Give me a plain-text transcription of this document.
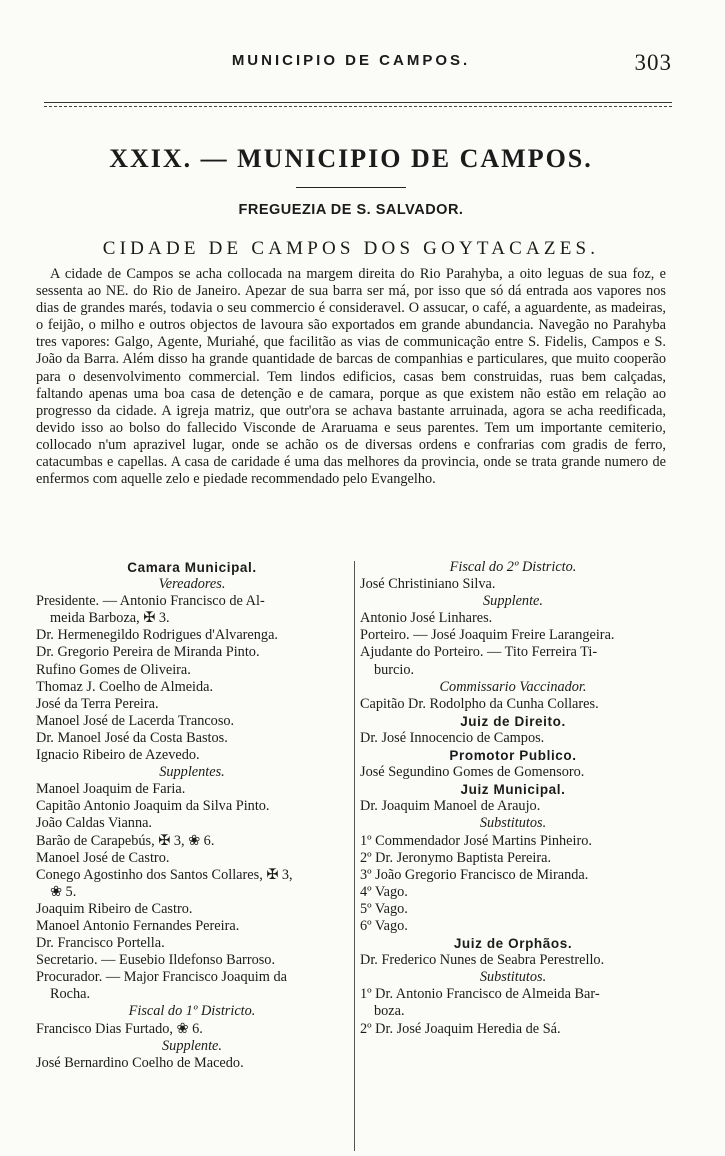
MUNICIPIO DE CAMPOS.	303
XXIX. — MUNICIPIO DE CAMPOS.
FREGUEZIA DE S. SALVADOR.
CIDADE DE CAMPOS DOS GOYTACAZES.

A cidade de Campos se acha collocada na margem direita do Rio Parahyba, a oito leguas de sua foz, e sessenta ao NE. do Rio de Janeiro. Apezar de sua barra ser má, por isso que só dá entrada aos vapores nos dias de grandes marés, todavia o seu commercio é consideravel. O assucar, o café, a aguardente, as madeiras, o feijão, o milho e outros objectos de lavoura são exportados em grande abundancia. Navegão no Parahyba tres vapores: Galgo, Agente, Muriahé, que facilitão as vias de communicação entre S. Fidelis, Campos e S. João da Barra. Além disso ha grande quantidade de barcas de companhias e particulares, que muito cooperão para o desenvolvimento commercial. Tem lindos edificios, casas bem construidas, ruas bem calçadas, faltando apenas uma boa casa de detenção e de camara, porque as que existem não estão em relação ao progresso da cidade. A igreja matriz, que outr'ora se achava bastante arruinada, agora se acha reedificada, devido isso ao bolso do fallecido Visconde de Araruama e seus parentes. Tem um importante cemiterio, collocado n'um aprazivel lugar, onde se achão os de diversas ordens e confrarias com gradis de ferro, catacumbas e capellas. A casa de caridade é uma das melhores da provincia, onde se trata grande numero de enfermos com aquelle zelo e piedade recommendado pelo Evangelho.

Camara Municipal.
Vereadores.
Presidente. — Antonio Francisco de Al-
meida Barboza, ✠ 3.
Dr. Hermenegildo Rodrigues d'Alvarenga.
Dr. Gregorio Pereira de Miranda Pinto.
Rufino Gomes de Oliveira.
Thomaz J. Coelho de Almeida.
José da Terra Pereira.
Manoel José de Lacerda Trancoso.
Dr. Manoel José da Costa Bastos.
Ignacio Ribeiro de Azevedo.
Supplentes.
Manoel Joaquim de Faria.
Capitão Antonio Joaquim da Silva Pinto.
João Caldas Vianna.
Barão de Carapebús, ✠ 3, ❀ 6.
Manoel José de Castro.
Conego Agostinho dos Santos Collares, ✠ 3,
❀ 5.
Joaquim Ribeiro de Castro.
Manoel Antonio Fernandes Pereira.
Dr. Francisco Portella.
Secretario. — Eusebio Ildefonso Barroso.
Procurador. — Major Francisco Joaquim da
Rocha.
Fiscal do 1º Districto.
Francisco Dias Furtado, ❀ 6.
Supplente.
José Bernardino Coelho de Macedo.
Fiscal do 2º Districto.
José Christiniano Silva.
Supplente.
Antonio José Linhares.
Porteiro. — José Joaquim Freire Larangeira.
Ajudante do Porteiro. — Tito Ferreira Ti-
burcio.
Commissario Vaccinador.
Capitão Dr. Rodolpho da Cunha Collares.
Juiz de Direito.
Dr. José Innocencio de Campos.
Promotor Publico.
José Segundino Gomes de Gomensoro.
Juiz Municipal.
Dr. Joaquim Manoel de Araujo.
Substitutos.
1º Commendador José Martins Pinheiro.
2º Dr. Jeronymo Baptista Pereira.
3º João Gregorio Francisco de Miranda.
4º Vago.
5º Vago.
6º Vago.
Juiz de Orphãos.
Dr. Frederico Nunes de Seabra Perestrello.
Substitutos.
1º Dr. Antonio Francisco de Almeida Bar-
boza.
2º Dr. José Joaquim Heredia de Sá.
